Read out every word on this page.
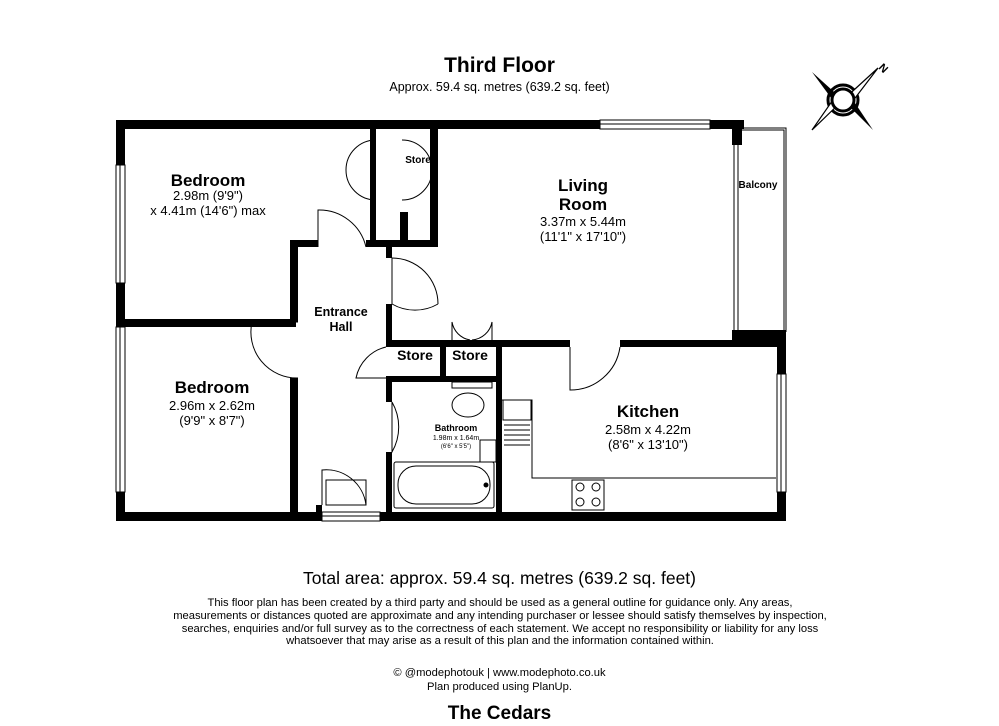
Third Floor
Approx. 59.4 sq. metres (639.2 sq. feet)
N
Bedroom
2.98m (9'9")
x 4.41m (14'6") max
Store
Living
Room
3.37m x 5.44m
(11'1" x 17'10")
Balcony
Entrance
Hall
Store Store
Bedroom
2.96m x 2.62m
(9'9" x 8'7")	Bathroom
1.98m x 1.64m
(6'6" x 5'5")
Kitchen
2.58m x 4.22m
(8'6" x 13'10")
Total area: approx. 59.4 sq. metres (639.2 sq. feet)
This floor plan has been created by a third party and should be used as a general outline for guidance only. Any areas, measurements or distances quoted are approximate and any intending purchaser or lessee should satisfy themselves by inspection, searches, enquiries and/or full survey as to the correctness of each statement. We accept no responsibility or liability for any loss whatsoever that may arise as a result of this plan and the information contained within.
© @modephotouk | www.modephoto.co.uk
Plan produced using PlanUp.
The Cedars
